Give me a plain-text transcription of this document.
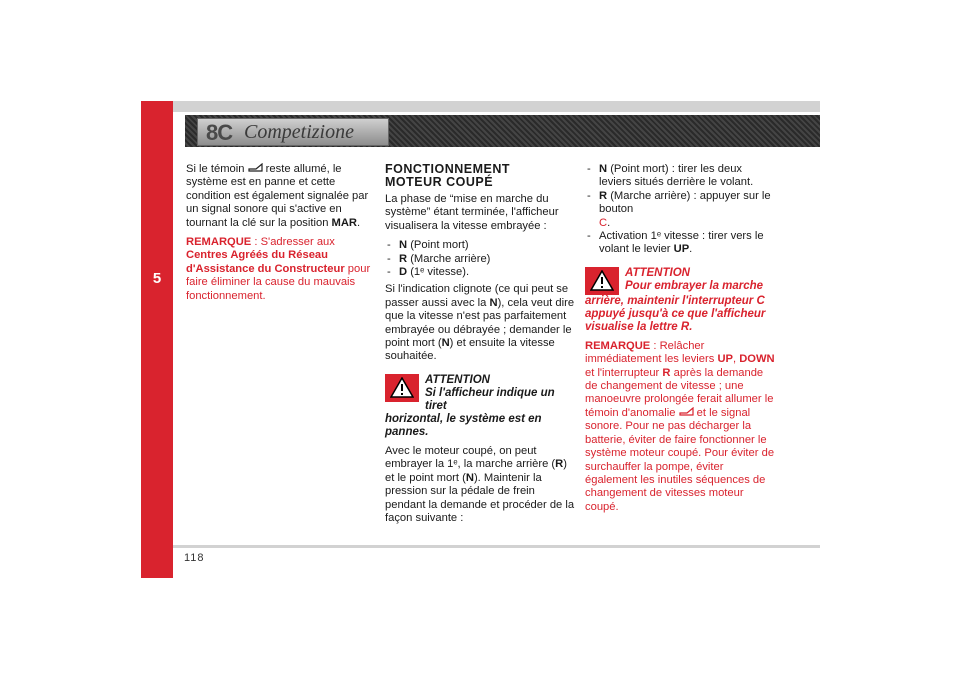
5
8C Competizione

Si le témoin reste allumé, le système est en panne et cette condition est également signalée par un signal sonore qui s'active en tournant la clé sur la position MAR.

REMARQUE : S'adresser aux Centres Agréés du Réseau d'Assistance du Constructeur pour faire éliminer la cause du mauvais fonctionnement.

FONCTIONNEMENT
MOTEUR COUPÉ

La phase de “mise en marche du système” étant terminée, l'afficheur visualisera la vitesse embrayée :

- N (Point mort)
- R (Marche arrière)
- D (1ᵉ vitesse).

Si l'indication clignote (ce qui peut se passer aussi avec la N), cela veut dire que la vitesse n'est pas parfaitement embrayée ou débrayée ; demander le point mort (N) et ensuite la vitesse souhaitée.

ATTENTION
Si l'afficheur indique un tiret
horizontal, le système est en pannes.

Avec le moteur coupé, on peut embrayer la 1ᵉ, la marche arrière (R) et le point mort (N). Maintenir la pression sur la pédale de frein pendant la demande et procéder de la façon suivante :

- N (Point mort) : tirer les deux leviers situés derrière le volant.
- R (Marche arrière) : appuyer sur le bouton
C.
- Activation 1ᵉ vitesse : tirer vers le volant le levier UP.
ATTENTION
Pour embrayer la marche
arrière, maintenir l'interrupteur C appuyé jusqu'à ce que l'afficheur visualise la lettre R.

REMARQUE : Relâcher immédiatement les leviers UP, DOWN et l'interrupteur R après la demande de changement de vitesse ; une manoeuvre prolongée ferait allumer le témoin d'anomalie  et le signal sonore. Pour ne pas décharger la batterie, éviter de faire fonctionner le système moteur coupé. Pour éviter de surchauffer la pompe, éviter également les inutiles séquences de changement de vitesses moteur coupé.

118
